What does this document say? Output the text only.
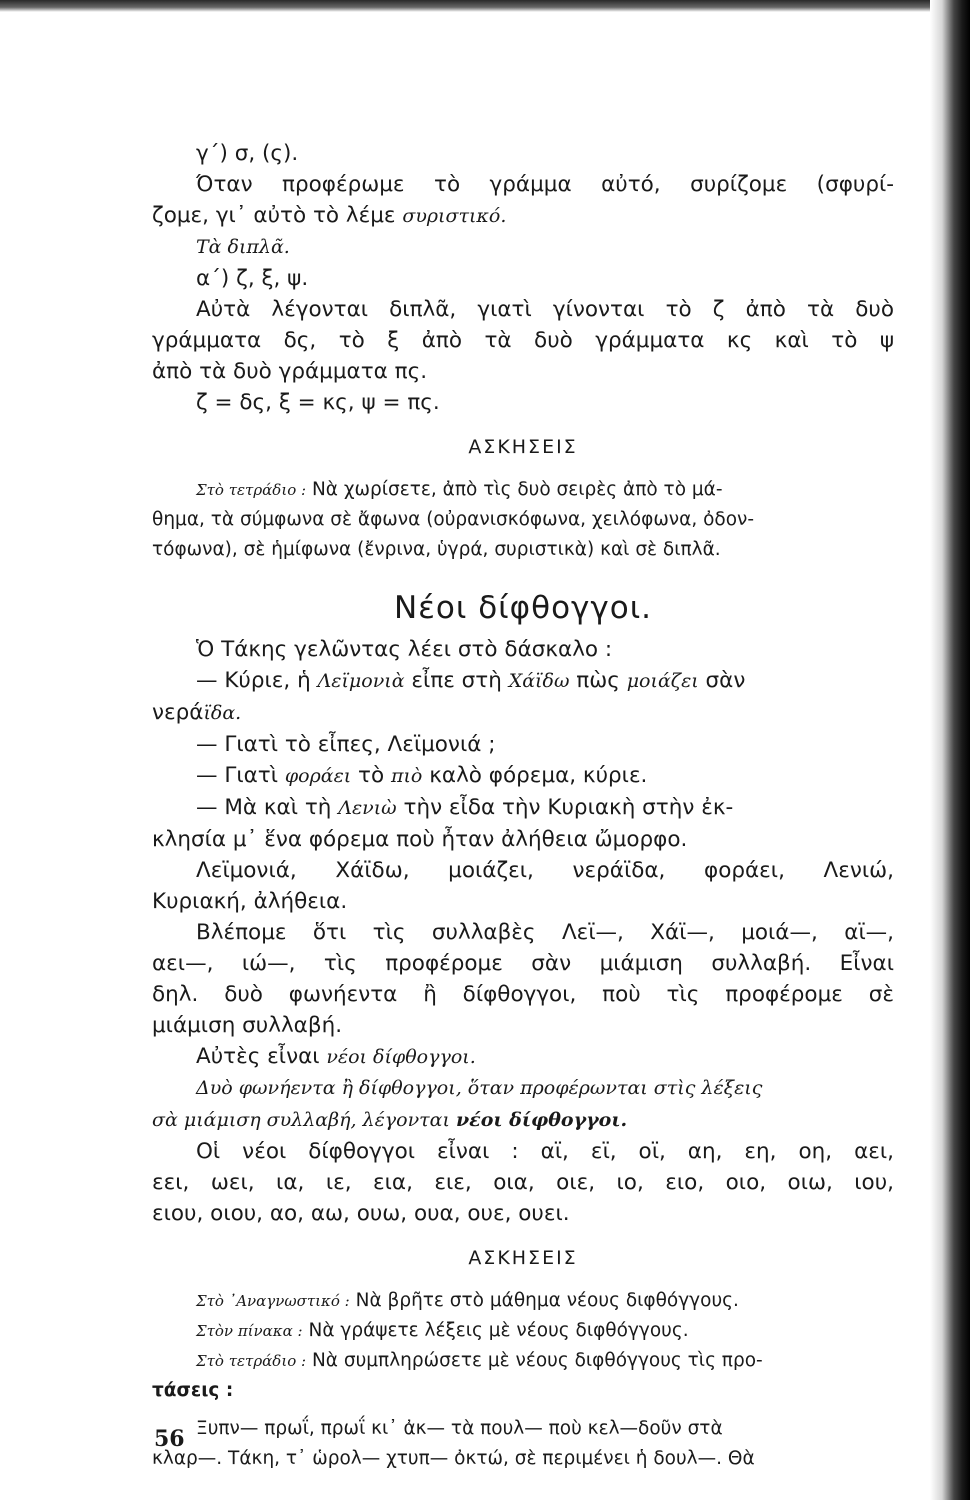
γ΄) σ, (ς).
Όταν προφέρωμε τὸ γράμμα αὐτό, συρίζομε (σφυρί-
ζομε, γι᾽ αὐτὸ τὸ λέμε συριστικό.
Τὰ διπλᾶ.
α΄) ζ, ξ, ψ.
Αὐτὰ λέγονται διπλᾶ, γιατὶ γίνονται τὸ ζ ἀπὸ τὰ δυὸ
γράμματα δς, τὸ ξ ἀπὸ τὰ δυὸ γράμματα κς καὶ τὸ ψ
ἀπὸ τὰ δυὸ γράμματα πς.
ζ = δς, ξ = κς, ψ = πς.
ΑΣΚΗΣΕΙΣ
Στὸ τετράδιο : Νὰ χωρίσετε, ἀπὸ τὶς δυὸ σειρὲς ἀπὸ τὸ μά-
θημα, τὰ σύμφωνα σὲ ἄφωνα (οὐρανισκόφωνα, χειλόφωνα, ὀδον-
τόφωνα), σὲ ἡμίφωνα (ἔνρινα, ὑγρά, συριστικὰ) καὶ σὲ διπλᾶ.
Νέοι δίφθογγοι.
Ὁ Τάκης γελῶντας λέει στὸ δάσκαλο :
— Κύριε, ἡ Λεϊμονιὰ εἶπε στὴ Χάϊδω πὼς μοιάζει σὰν
νεράϊδα.
— Γιατὶ τὸ εἶπες, Λεϊμονιά ;
— Γιατὶ φοράει τὸ πιὸ καλὸ φόρεμα, κύριε.
— Μὰ καὶ τὴ Λενιὼ τὴν εἶδα τὴν Κυριακὴ στὴν ἐκ-
κλησία μ᾽ ἕνα φόρεμα ποὺ ἦταν ἀλήθεια ὤμορφο.
Λεϊμονιά, Χάϊδω, μοιάζει, νεράϊδα, φοράει, Λενιώ,
Κυριακή, ἀλήθεια.
Βλέπομε ὅτι τὶς συλλαβὲς Λεϊ—, Χάϊ—, μοιά—, αϊ—,
αει—, ιώ—, τὶς προφέρομε σὰν μιάμιση συλλαβή. Εἶναι
δηλ. δυὸ φωνήεντα ἢ δίφθογγοι, ποὺ τὶς προφέρομε σὲ
μιάμιση συλλαβή.
Αὐτὲς εἶναι νέοι δίφθογγοι.
Δυὸ φωνήεντα ἢ δίφθογγοι, ὅταν προφέρωνται στὶς λέξεις
σὰ μιάμιση συλλαβή, λέγονται νέοι δίφθογγοι.
Οἱ νέοι δίφθογγοι εἶναι : αϊ, εϊ, οϊ, αη, εη, οη, αει,
εει, ωει, ια, ιε, εια, ειε, οια, οιε, ιο, ειο, οιο, οιω, ιου,
ειου, οιου, αο, αω, ουω, ουα, ουε, ουει.
ΑΣΚΗΣΕΙΣ
Στὸ ᾽Αναγνωστικό : Νὰ βρῆτε στὸ μάθημα νέους διφθόγγους.
Στὸν πίνακα : Νὰ γράψετε λέξεις μὲ νέους διφθόγγους.
Στὸ τετράδιο : Νὰ συμπληρώσετε μὲ νέους διφθόγγους τὶς προ-
τάσεις :
Ξυπν— πρωΐ, πρωΐ κι᾽ ἀκ— τὰ πουλ— ποὺ κελ—δοῦν στὰ
κλαρ—. Τάκη, τ᾽ ὡρολ— χτυπ— ὀκτώ, σὲ περιμένει ἡ δουλ—. Θὰ
56
